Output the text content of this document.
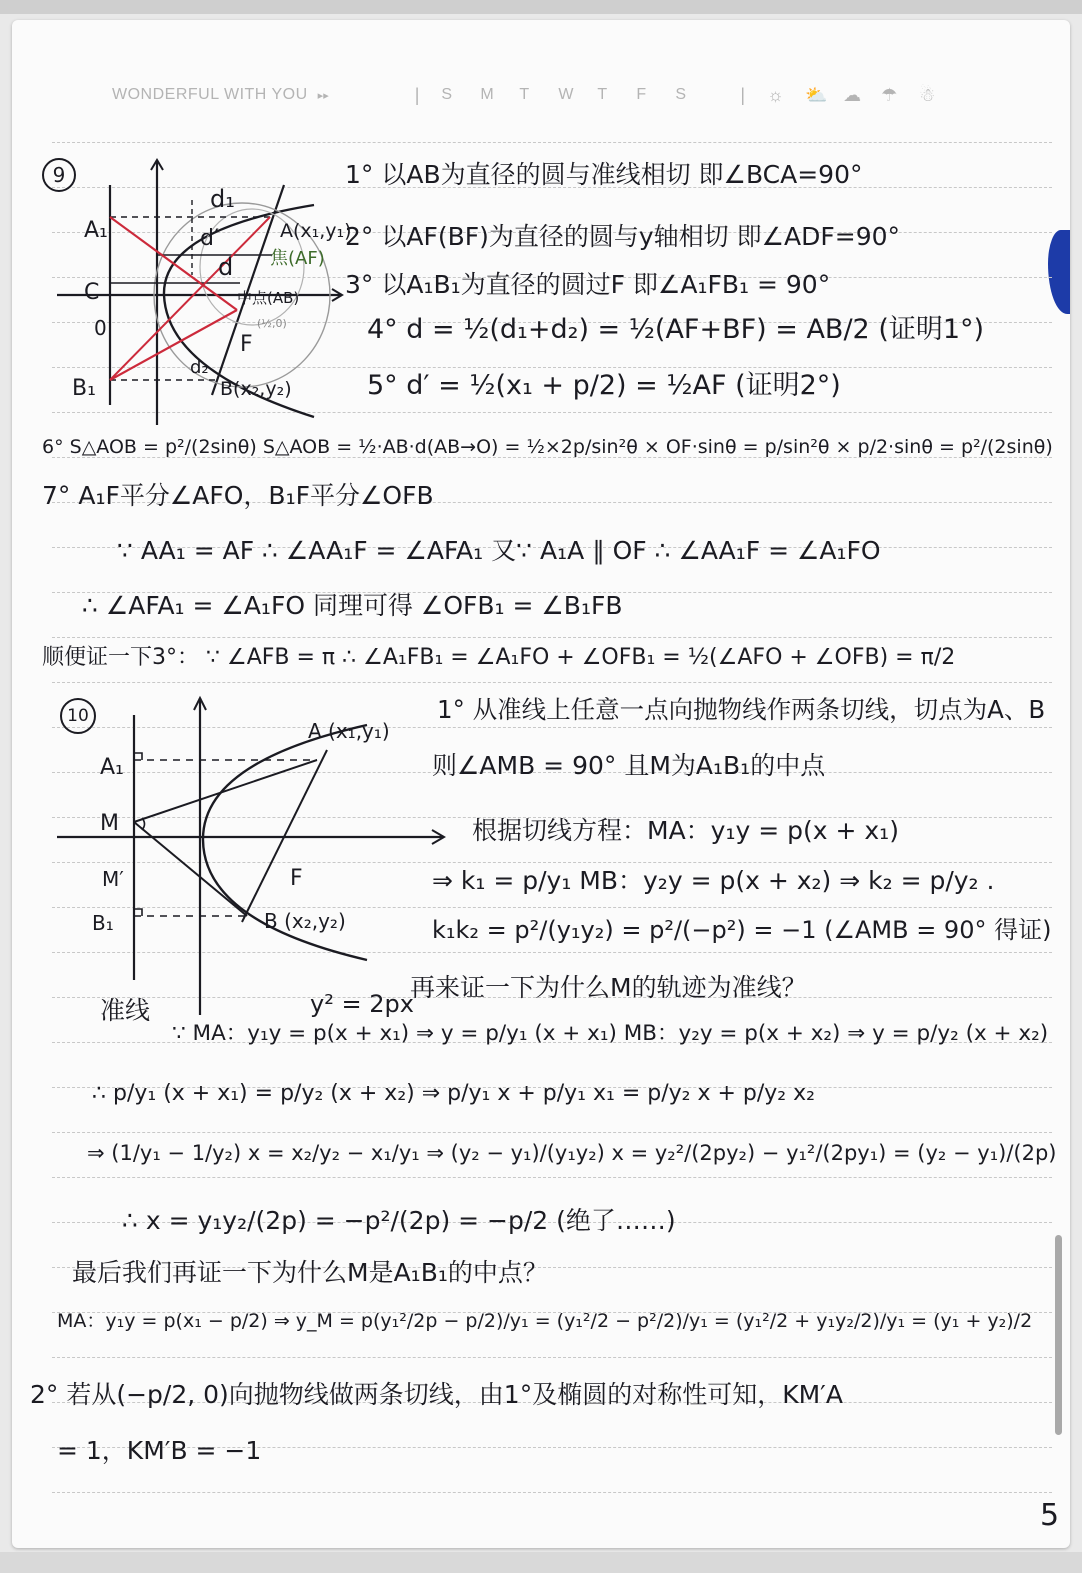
WONDERFUL WITH YOU ▸▸	| S	M	T	W	T	F	S	| ☼	⛅ ☁	☂	☃
9
A₁
C
0
B₁
d₁
d′
d
d₂
A(x₁,y₁)
B(x₂,y₂)
F
焦(AF)
中点(AB)
(½,0)
1° 以AB为直径的圆与准线相切 即∠BCA=90°
2° 以AF(BF)为直径的圆与y轴相切 即∠ADF=90°
3° 以A₁B₁为直径的圆过F 即∠A₁FB₁ = 90°
4° d = ½(d₁+d₂) = ½(AF+BF) = AB/2 (证明1°)
5° d′ = ½(x₁ + p/2) = ½AF (证明2°)
6° S△AOB = p²/(2sinθ) S△AOB = ½·AB·d(AB→O) = ½×2p/sin²θ × OF·sinθ = p/sin²θ × p/2·sinθ = p²/(2sinθ)
7° A₁F平分∠AFO，B₁F平分∠OFB
∵ AA₁ = AF ∴ ∠AA₁F = ∠AFA₁ 又∵ A₁A ∥ OF ∴ ∠AA₁F = ∠A₁FO
∴ ∠AFA₁ = ∠A₁FO 同理可得 ∠OFB₁ = ∠B₁FB
顺便证一下3°： ∵ ∠AFB = π ∴ ∠A₁FB₁ = ∠A₁FO + ∠OFB₁ = ½(∠AFO + ∠OFB) = π/2
10
A₁
M
M′
B₁
F
A (x₁,y₁)
B (x₂,y₂)
y² = 2px
准线
1° 从准线上任意一点向抛物线作两条切线，切点为A、B
则∠AMB = 90° 且M为A₁B₁的中点
根据切线方程：MA：y₁y = p(x + x₁)
⇒ k₁ = p/y₁ MB：y₂y = p(x + x₂) ⇒ k₂ = p/y₂ .
k₁k₂ = p²/(y₁y₂) = p²/(−p²) = −1 (∠AMB = 90° 得证)
再来证一下为什么M的轨迹为准线？
∵ MA：y₁y = p(x + x₁) ⇒ y = p/y₁ (x + x₁) MB：y₂y = p(x + x₂) ⇒ y = p/y₂ (x + x₂)
∴ p/y₁ (x + x₁) = p/y₂ (x + x₂) ⇒ p/y₁ x + p/y₁ x₁ = p/y₂ x + p/y₂ x₂
⇒ (1/y₁ − 1/y₂) x = x₂/y₂ − x₁/y₁ ⇒ (y₂ − y₁)/(y₁y₂) x = y₂²/(2py₂) − y₁²/(2py₁) = (y₂ − y₁)/(2p)
∴ x = y₁y₂/(2p) = −p²/(2p) = −p/2 (绝了……)
最后我们再证一下为什么M是A₁B₁的中点？
MA：y₁y = p(x₁ − p/2) ⇒ y_M = p(y₁²/2p − p/2)/y₁ = (y₁²/2 − p²/2)/y₁ = (y₁²/2 + y₁y₂/2)/y₁ = (y₁ + y₂)/2
2° 若从(−p/2, 0)向抛物线做两条切线，由1°及椭圆的对称性可知，KM′A
= 1，KM′B = −1
5
